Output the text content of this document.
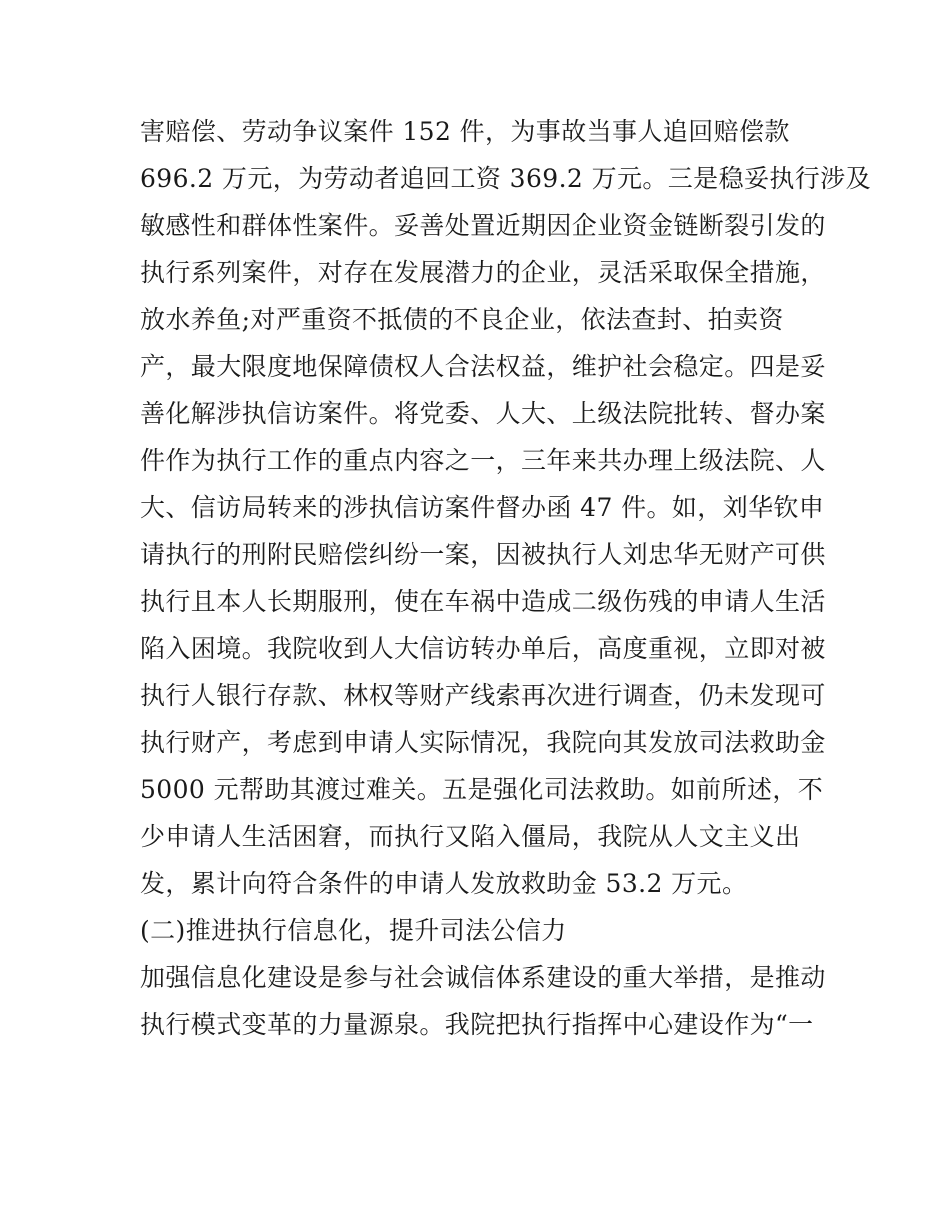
害赔偿、劳动争议案件 152 件，为事故当事人追回赔偿款
696.2 万元，为劳动者追回工资 369.2 万元。三是稳妥执行涉及
敏感性和群体性案件。妥善处置近期因企业资金链断裂引发的
执行系列案件，对存在发展潜力的企业，灵活采取保全措施，
放水养鱼;对严重资不抵债的不良企业，依法查封、拍卖资
产，最大限度地保障债权人合法权益，维护社会稳定。四是妥
善化解涉执信访案件。将党委、人大、上级法院批转、督办案
件作为执行工作的重点内容之一，三年来共办理上级法院、人
大、信访局转来的涉执信访案件督办函 47 件。如，刘华钦申
请执行的刑附民赔偿纠纷一案，因被执行人刘忠华无财产可供
执行且本人长期服刑，使在车祸中造成二级伤残的申请人生活
陷入困境。我院收到人大信访转办单后，高度重视，立即对被
执行人银行存款、林权等财产线索再次进行调查，仍未发现可
执行财产，考虑到申请人实际情况，我院向其发放司法救助金
5000 元帮助其渡过难关。五是强化司法救助。如前所述，不
少申请人生活困窘，而执行又陷入僵局，我院从人文主义出
发，累计向符合条件的申请人发放救助金 53.2 万元。
(二)推进执行信息化，提升司法公信力
加强信息化建设是参与社会诚信体系建设的重大举措，是推动
执行模式变革的力量源泉。我院把执行指挥中心建设作为“一
